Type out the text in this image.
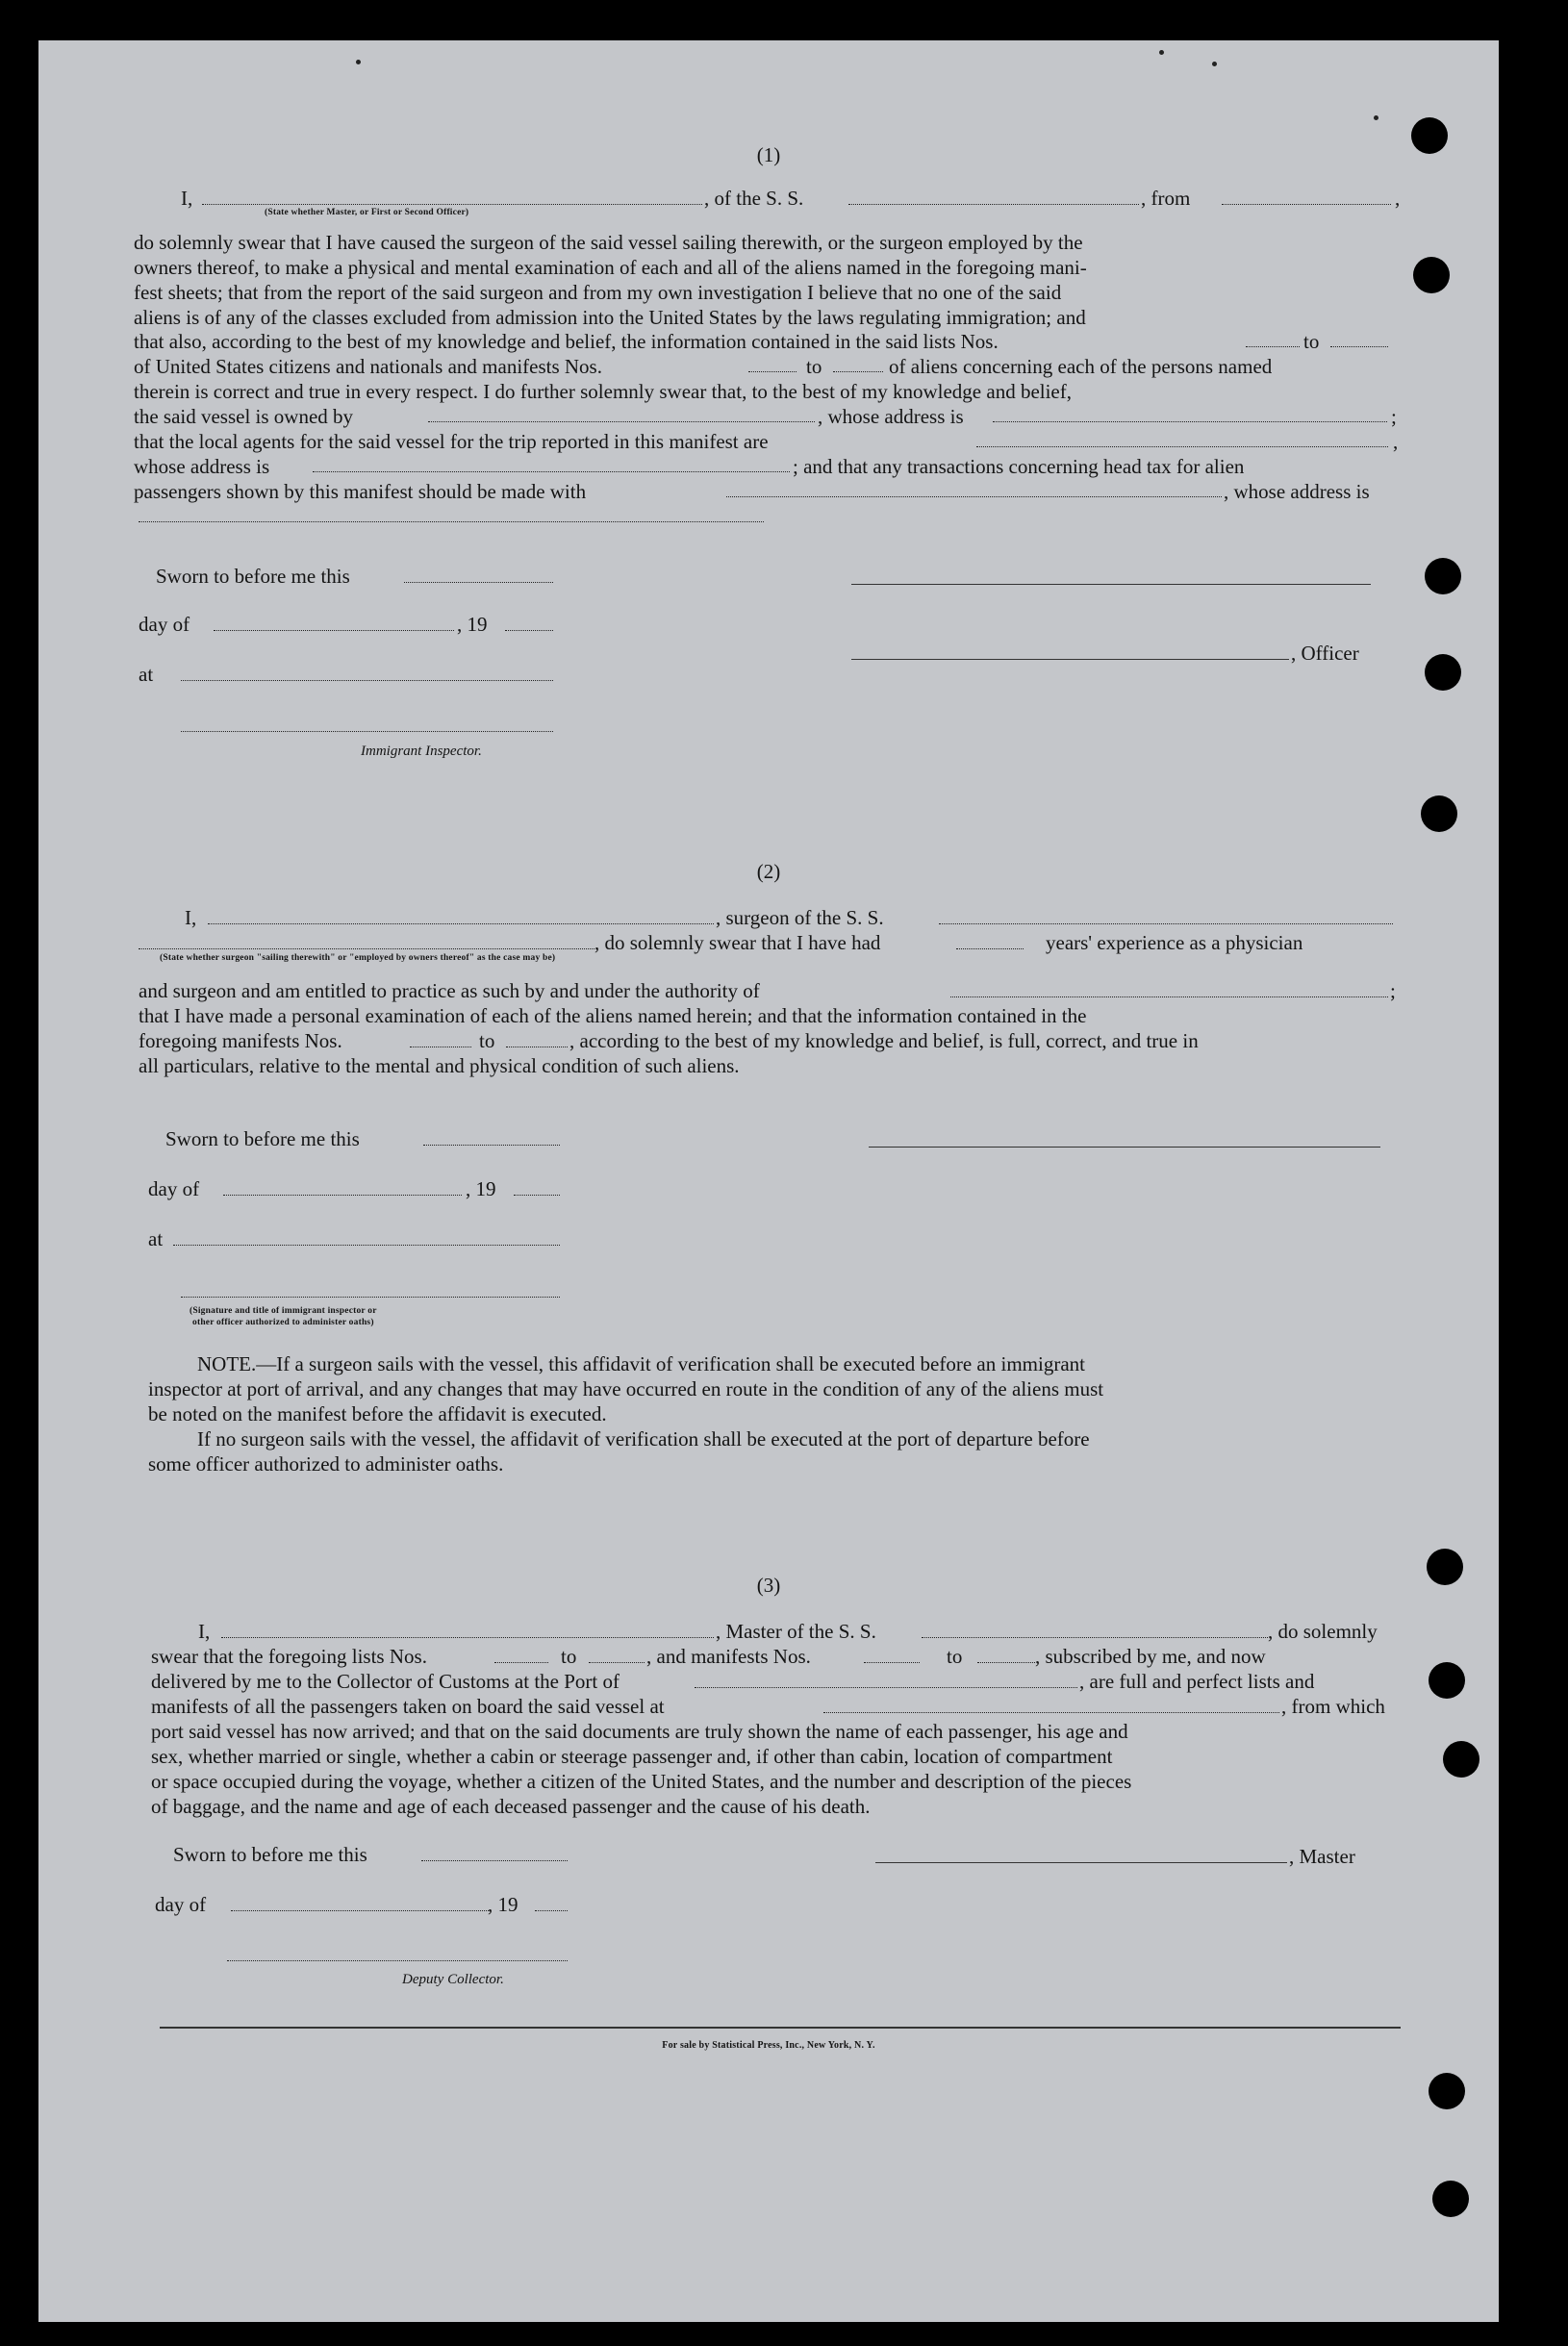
(1)
I,
(State whether Master, or First or Second Officer)
, of the S. S.	, from	,

do solemnly swear that I have caused the surgeon of the said vessel sailing therewith, or the surgeon employed by the

owners thereof, to make a physical and mental examination of each and all of the aliens named in the foregoing mani-

fest sheets; that from the report of the said surgeon and from my own investigation I believe that no one of the said

aliens is of any of the classes excluded from admission into the United States by the laws regulating immigration; and

that also, according to the best of my knowledge and belief, the information contained in the said lists Nos.	to
of United States citizens and nationals and manifests Nos.	to	of aliens concerning each of the persons named
therein is correct and true in every respect. I do further solemnly swear that, to the best of my knowledge and belief,
the said vessel is owned by	, whose address is	;
that the local agents for the said vessel for the trip reported in this manifest are	,
whose address is	; and that any transactions concerning head tax for alien
passengers shown by this manifest should be made with	, whose address is
Sworn to before me this
day of	, 19
, Officer
at
Immigrant Inspector.
(2)
I,	, surgeon of the S. S.
(State whether surgeon "sailing therewith" or "employed by owners thereof" as the case may be)
, do solemnly swear that I have had	years' experience as a physician
and surgeon and am entitled to practice as such by and under the authority of	;
that I have made a personal examination of each of the aliens named herein; and that the information contained in the
foregoing manifests Nos.	to	, according to the best of my knowledge and belief, is full, correct, and true in
all particulars, relative to the mental and physical condition of such aliens.
Sworn to before me this
day of	, 19
at
(Signature and title of immigrant inspector or
other officer authorized to administer oaths)
NOTE.—If a surgeon sails with the vessel, this affidavit of verification shall be executed before an immigrant
inspector at port of arrival, and any changes that may have occurred en route in the condition of any of the aliens must
be noted on the manifest before the affidavit is executed.
If no surgeon sails with the vessel, the affidavit of verification shall be executed at the port of departure before
some officer authorized to administer oaths.
(3)
I,	, Master of the S. S.	, do solemnly
swear that the foregoing lists Nos.	to	, and manifests Nos.	to	, subscribed by me, and now
delivered by me to the Collector of Customs at the Port of	, are full and perfect lists and
manifests of all the passengers taken on board the said vessel at	, from which
port said vessel has now arrived; and that on the said documents are truly shown the name of each passenger, his age and
sex, whether married or single, whether a cabin or steerage passenger and, if other than cabin, location of compartment
or space occupied during the voyage, whether a citizen of the United States, and the number and description of the pieces
of baggage, and the name and age of each deceased passenger and the cause of his death.
Sworn to before me this	, Master
day of	, 19
Deputy Collector.
For sale by Statistical Press, Inc., New York, N. Y.
